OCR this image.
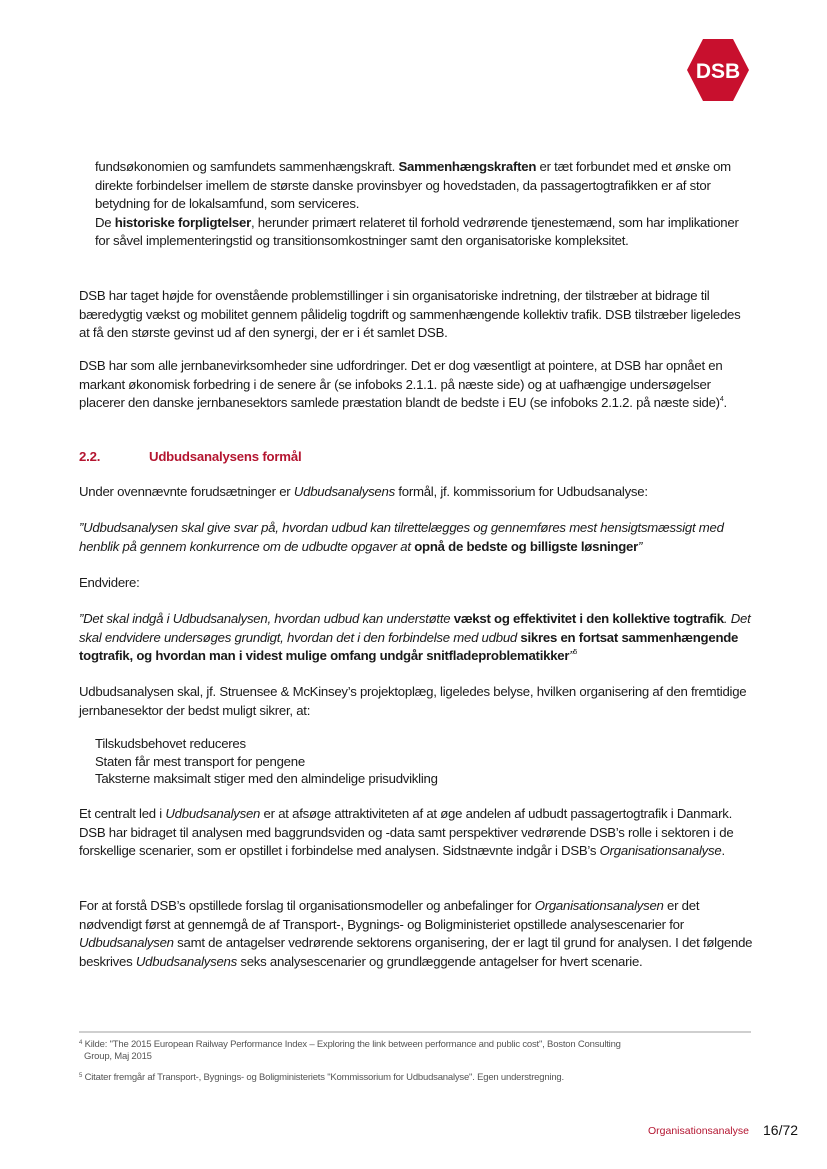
DSB

fundsøkonomien og samfundets sammenhængskraft. Sammenhængskraften er tæt forbundet med et ønske om direkte forbindelser imellem de største danske provinsbyer og hovedstaden, da passagertogtrafikken er af stor betydning for de lokalsamfund, som serviceres.

De historiske forpligtelser, herunder primært relateret til forhold vedrørende tjenestemænd, som har implikationer for såvel implementeringstid og transitionsomkostninger samt den organisatoriske kompleksitet.

DSB har taget højde for ovenstående problemstillinger i sin organisatoriske indretning, der tilstræber at bidrage til bæredygtig vækst og mobilitet gennem pålidelig togdrift og sammenhængende kollektiv trafik. DSB tilstræber ligeledes at få den største gevinst ud af den synergi, der er i ét samlet DSB.

DSB har som alle jernbanevirksomheder sine udfordringer. Det er dog væsentligt at pointere, at DSB har opnået en markant økonomisk forbedring i de senere år (se infoboks 2.1.1. på næste side) og at uafhængige undersøgelser placerer den danske jernbanesektors samlede præstation blandt de bedste i EU (se infoboks 2.1.2. på næste side)$^4$.

2.2.	Udbudsanalysens formål

Under ovennævnte forudsætninger er Udbudsanalysens formål, jf. kommissorium for Udbudsanalyse:

”Udbudsanalysen skal give svar på, hvordan udbud kan tilrettelægges og gennemføres mest hensigtsmæssigt med henblik på gennem konkurrence om de udbudte opgaver at opnå de bedste og billigste løsninger”

Endvidere:

”Det skal indgå i Udbudsanalysen, hvordan udbud kan understøtte vækst og effektivitet i den kollektive togtrafik. Det skal endvidere undersøges grundigt, hvordan det i den forbindelse med udbud sikres en fortsat sammenhængende togtrafik, og hvordan man i videst mulige omfang undgår snitfladeproblematikker”$^5$

Udbudsanalysen skal, jf. Struensee & McKinsey’s projektoplæg, ligeledes belyse, hvilken organisering af den fremtidige jernbanesektor der bedst muligt sikrer, at:

Tilskudsbehovet reduceres
Staten får mest transport for pengene
Taksterne maksimalt stiger med den almindelige prisudvikling

Et centralt led i Udbudsanalysen er at afsøge attraktiviteten af at øge andelen af udbudt passagertogtrafik i Danmark. DSB har bidraget til analysen med baggrundsviden og -data samt perspektiver vedrørende DSB’s rolle i sektoren i de forskellige scenarier, som er opstillet i forbindelse med analysen. Sidstnævnte indgår i DSB’s Organisationsanalyse.

For at forstå DSB’s opstillede forslag til organisationsmodeller og anbefalinger for Organisationsanalysen er det nødvendigt først at gennemgå de af Transport-, Bygnings- og Boligministeriet opstillede analysescenarier for Udbudsanalysen samt de antagelser vedrørende sektorens organisering, der er lagt til grund for analysen. I det følgende beskrives Udbudsanalysens seks analysescenarier og grundlæggende antagelser for hvert scenarie.

$^4$ Kilde: "The 2015 European Railway Performance Index – Exploring the link between performance and public cost", Boston Consulting
Group, Maj 2015
$^5$ Citater fremgår af Transport-, Bygnings- og Boligministeriets "Kommissorium for Udbudsanalyse". Egen understregning.
Organisationsanalyse 16/72
